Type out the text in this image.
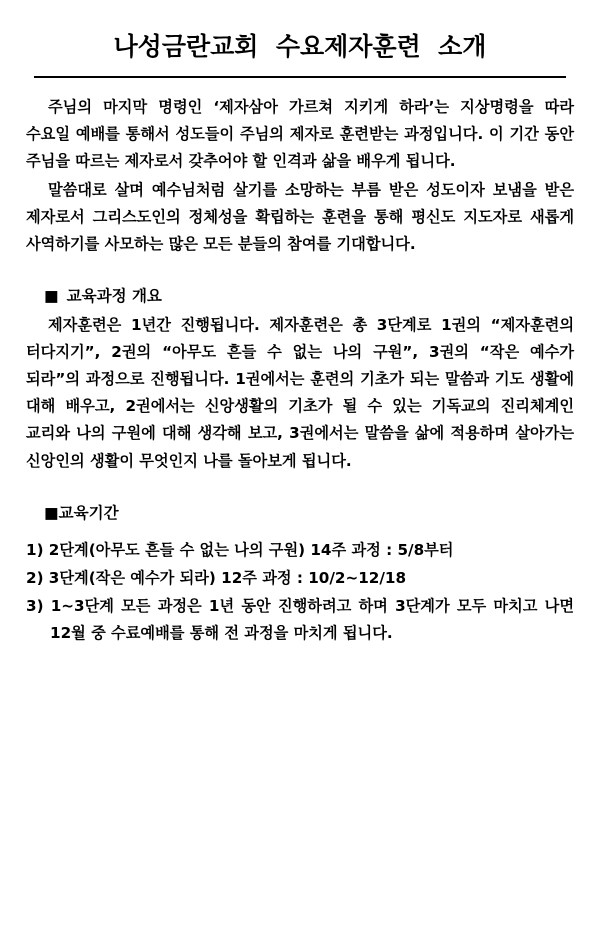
나성금란교회  수요제자훈련  소개

주님의 마지막 명령인 ‘제자삼아 가르쳐 지키게 하라’는 지상명령을 따라 수요일 예배를 통해서 성도들이 주님의 제자로 훈련받는 과정입니다. 이 기간 동안 주님을 따르는 제자로서 갖추어야 할 인격과 삶을 배우게 됩니다.

말씀대로 살며 예수님처럼 살기를 소망하는 부름 받은 성도이자 보냄을 받은 제자로서 그리스도인의 정체성을 확립하는 훈련을 통해 평신도 지도자로 새롭게 사역하기를 사모하는 많은 모든 분들의 참여를 기대합니다.

■ 교육과정 개요

제자훈련은 1년간 진행됩니다. 제자훈련은 총 3단계로 1권의 “제자훈련의 터다지기”, 2권의 “아무도 흔들 수 없는 나의 구원”, 3권의 “작은 예수가 되라”의 과정으로 진행됩니다. 1권에서는 훈련의 기초가 되는 말씀과 기도 생활에 대해 배우고, 2권에서는 신앙생활의 기초가 될 수 있는 기독교의 진리체계인 교리와 나의 구원에 대해 생각해 보고, 3권에서는 말씀을 삶에 적용하며 살아가는 신앙인의 생활이 무엇인지 나를 돌아보게 됩니다.

■교육기간
1) 2단계(아무도 흔들 수 없는 나의 구원) 14주 과정 : 5/8부터
2) 3단계(작은 예수가 되라) 12주 과정 : 10/2~12/18
3) 1~3단계 모든 과정은 1년 동안 진행하려고 하며 3단계가 모두 마치고 나면 12월 중 수료예배를 통해 전 과정을 마치게 됩니다.
